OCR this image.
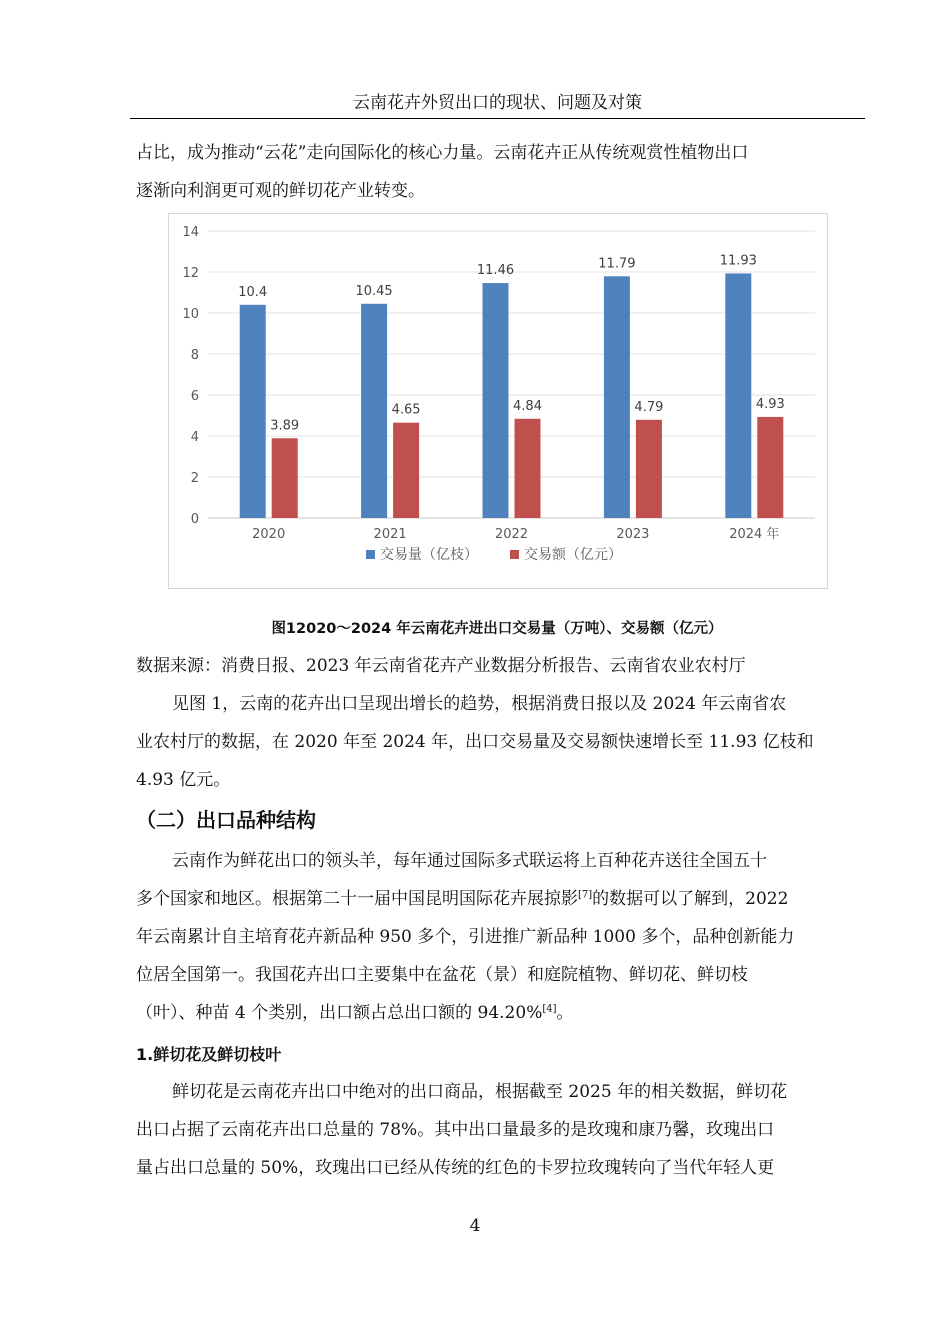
云南花卉外贸出口的现状、问题及对策

占比，成为推动“云花”走向国际化的核心力量。云南花卉正从传统观赏性植物出口
逐渐向利润更可观的鲜切花产业转变。

0
2
4
6
8
10
12
14
10.4
3.89
2020
10.45
4.65
2021
11.46
4.84
2022
11.79
4.79
2023
11.93
4.93
2024 年
交易量（亿枝）	交易额（亿元）
图12020～2024 年云南花卉进出口交易量（万吨）、交易额（亿元）
数据来源：消费日报、2023 年云南省花卉产业数据分析报告、云南省农业农村厅

见图 1，云南的花卉出口呈现出增长的趋势，根据消费日报以及 2024 年云南省农
业农村厅的数据，在 2020 年至 2024 年，出口交易量及交易额快速增长至 11.93 亿枝和
4.93 亿元。

（二）出口品种结构

云南作为鲜花出口的领头羊，每年通过国际多式联运将上百种花卉送往全国五十
多个国家和地区。根据第二十一届中国昆明国际花卉展掠影[7]的数据可以了解到，2022
年云南累计自主培育花卉新品种 950 多个，引进推广新品种 1000 多个，品种创新能力
位居全国第一。我国花卉出口主要集中在盆花（景）和庭院植物、鲜切花、鲜切枝
（叶）、种苗 4 个类别，出口额占总出口额的 94.20%[4]。

1.鲜切花及鲜切枝叶

鲜切花是云南花卉出口中绝对的出口商品，根据截至 2025 年的相关数据，鲜切花
出口占据了云南花卉出口总量的 78%。其中出口量最多的是玫瑰和康乃馨，玫瑰出口
量占出口总量的 50%，玫瑰出口已经从传统的红色的卡罗拉玫瑰转向了当代年轻人更

4
